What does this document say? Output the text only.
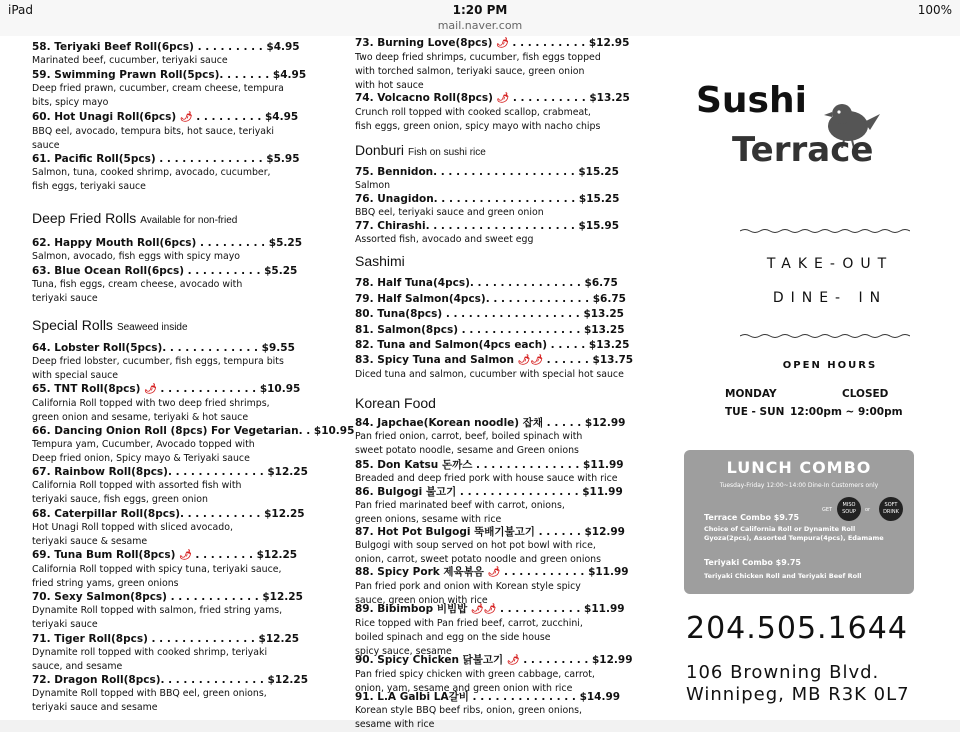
iPad	1:20 PM	100%
mail.naver.com
58. Teriyaki Beef Roll(6pcs) . . . . . . . . . $4.95
Marinated beef, cucumber, teriyaki sauce
59. Swimming Prawn Roll(5pcs). . . . . . . $4.95
Deep fried prawn, cucumber, cream cheese, tempura
bits, spicy mayo
60. Hot Unagi Roll(6pcs) 🌶 . . . . . . . . . $4.95
BBQ eel, avocado, tempura bits, hot sauce, teriyaki
sauce
61. Pacific Roll(5pcs) . . . . . . . . . . . . . . $5.95
Salmon, tuna, cooked shrimp, avocado, cucumber,
fish eggs, teriyaki sauce
Deep Fried Rolls Available for non-fried
62. Happy Mouth Roll(6pcs) . . . . . . . . . $5.25
Salmon, avocado, fish eggs with spicy mayo
63. Blue Ocean Roll(6pcs) . . . . . . . . . . $5.25
Tuna, fish eggs, cream cheese, avocado with
teriyaki sauce
Special Rolls Seaweed inside
64. Lobster Roll(5pcs). . . . . . . . . . . . . $9.55
Deep fried lobster, cucumber, fish eggs, tempura bits
with special sauce
65. TNT Roll(8pcs) 🌶 . . . . . . . . . . . . . $10.95
California Roll topped with two deep fried shrimps,
green onion and sesame, teriyaki & hot sauce
66. Dancing Onion Roll (8pcs) For Vegetarian. . $10.95
Tempura yam, Cucumber, Avocado topped with
Deep fried onion, Spicy mayo & Teriyaki sauce
67. Rainbow Roll(8pcs). . . . . . . . . . . . . $12.25
California Roll topped with assorted fish with
teriyaki sauce, fish eggs, green onion
68. Caterpillar Roll(8pcs). . . . . . . . . . . $12.25
Hot Unagi Roll topped with sliced avocado,
teriyaki sauce & sesame
69. Tuna Bum Roll(8pcs) 🌶 . . . . . . . . $12.25
California Roll topped with spicy tuna, teriyaki sauce,
fried string yams, green onions
70. Sexy Salmon(8pcs) . . . . . . . . . . . . $12.25
Dynamite Roll topped with salmon, fried string yams,
teriyaki sauce
71. Tiger Roll(8pcs) . . . . . . . . . . . . . . $12.25
Dynamite roll topped with cooked shrimp, teriyaki
sauce, and sesame
72. Dragon Roll(8pcs). . . . . . . . . . . . . . $12.25
Dynamite Roll topped with BBQ eel, green onions,
teriyaki sauce and sesame
73. Burning Love(8pcs) 🌶 . . . . . . . . . . $12.95
Two deep fried shrimps, cucumber, fish eggs topped
with torched salmon, teriyaki sauce, green onion
with hot sauce
74. Volcacno Roll(8pcs) 🌶 . . . . . . . . . . $13.25
Crunch roll topped with cooked scallop, crabmeat,
fish eggs, green onion, spicy mayo with nacho chips
Donburi Fish on sushi rice
75. Bennidon. . . . . . . . . . . . . . . . . . . $15.25
Salmon
76. Unagidon. . . . . . . . . . . . . . . . . . . $15.25
BBQ eel, teriyaki sauce and green onion
77. Chirashi. . . . . . . . . . . . . . . . . . . . $15.95
Assorted fish, avocado and sweet egg
Sashimi
78. Half Tuna(4pcs). . . . . . . . . . . . . . . $6.75
79. Half Salmon(4pcs). . . . . . . . . . . . . . $6.75
80. Tuna(8pcs) . . . . . . . . . . . . . . . . . . $13.25
81. Salmon(8pcs) . . . . . . . . . . . . . . . . $13.25
82. Tuna and Salmon(4pcs each) . . . . . $13.25
83. Spicy Tuna and Salmon 🌶🌶 . . . . . . $13.75
Diced tuna and salmon, cucumber with special hot sauce
Korean Food
84. Japchae(Korean noodle) 잡채 . . . . . $12.99
Pan fried onion, carrot, beef, boiled spinach with
sweet potato noodle, sesame and Green onions
85. Don Katsu 돈까스 . . . . . . . . . . . . . . $11.99
Breaded and deep fried pork with house sauce with rice
86. Bulgogi 불고기 . . . . . . . . . . . . . . . . $11.99
Pan fried marinated beef with carrot, onions,
green onions, sesame with rice
87. Hot Pot Bulgogi 뚝배기불고기 . . . . . . $12.99
Bulgogi with soup served on hot pot bowl with rice,
onion, carrot, sweet potato noodle and green onions
88. Spicy Pork 제육볶음 🌶 . . . . . . . . . . . $11.99
Pan fried pork and onion with Korean style spicy
sauce, green onion with rice
89. Bibimbop 비빔밥 🌶🌶 . . . . . . . . . . . $11.99
Rice topped with Pan fried beef, carrot, zucchini,
boiled spinach and egg on the side house
spicy sauce, sesame
90. Spicy Chicken 닭불고기 🌶 . . . . . . . . . $12.99
Pan fried spicy chicken with green cabbage, carrot,
onion, yam, sesame and green onion with rice
91. L.A Galbi LA갈비 . . . . . . . . . . . . . . $14.99
Korean style BBQ beef ribs, onion, green onions,
sesame with rice
Sushi
Terrace
TAKE-OUT
DINE- IN
OPEN HOURS
MONDAY	CLOSED
TUE - SUN 12:00pm ~ 9:00pm
LUNCH COMBO
Tuesday-Friday 12:00~14:00 Dine-In Customers only
GET
MISO SOUP	or
SOFT DRINK
Terrace Combo $9.75
Choice of California Roll or Dynamite Roll
Gyoza(2pcs), Assorted Tempura(4pcs), Edamame
Teriyaki Combo $9.75
Teriyaki Chicken Roll and Teriyaki Beef Roll
204.505.1644
106 Browning Blvd.
Winnipeg, MB R3K 0L7
